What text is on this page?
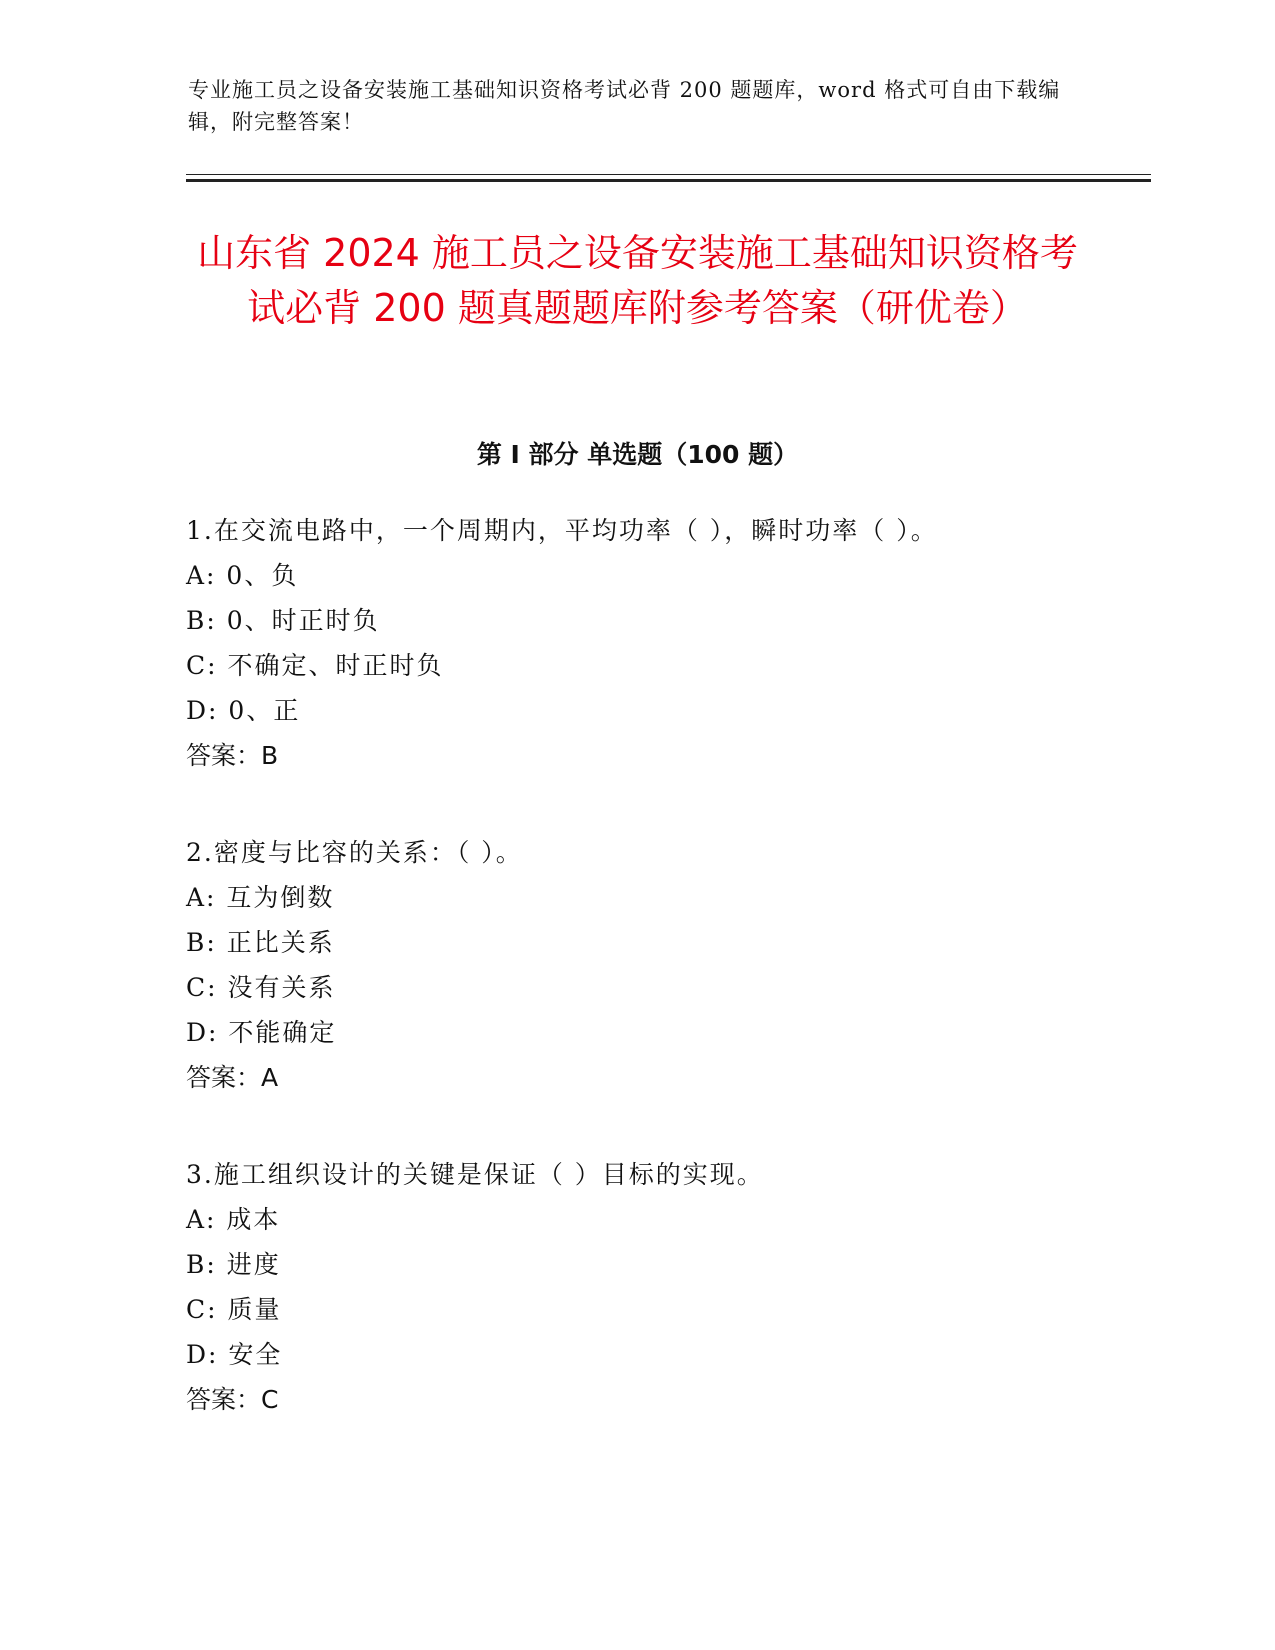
专业施工员之设备安装施工基础知识资格考试必背 200 题题库，word 格式可自由下载编辑，附完整答案！
山东省 2024 施工员之设备安装施工基础知识资格考试必背 200 题真题题库附参考答案（研优卷）
第 I 部分 单选题（100 题）
1.在交流电路中，一个周期内，平均功率（ ），瞬时功率（ ）。
A: 0、负
B: 0、时正时负
C: 不确定、时正时负
D: 0、正
答案：B
2.密度与比容的关系：（ ）。
A: 互为倒数
B: 正比关系
C: 没有关系
D: 不能确定
答案：A
3.施工组织设计的关键是保证（ ）目标的实现。
A: 成本
B: 进度
C: 质量
D: 安全
答案：C
